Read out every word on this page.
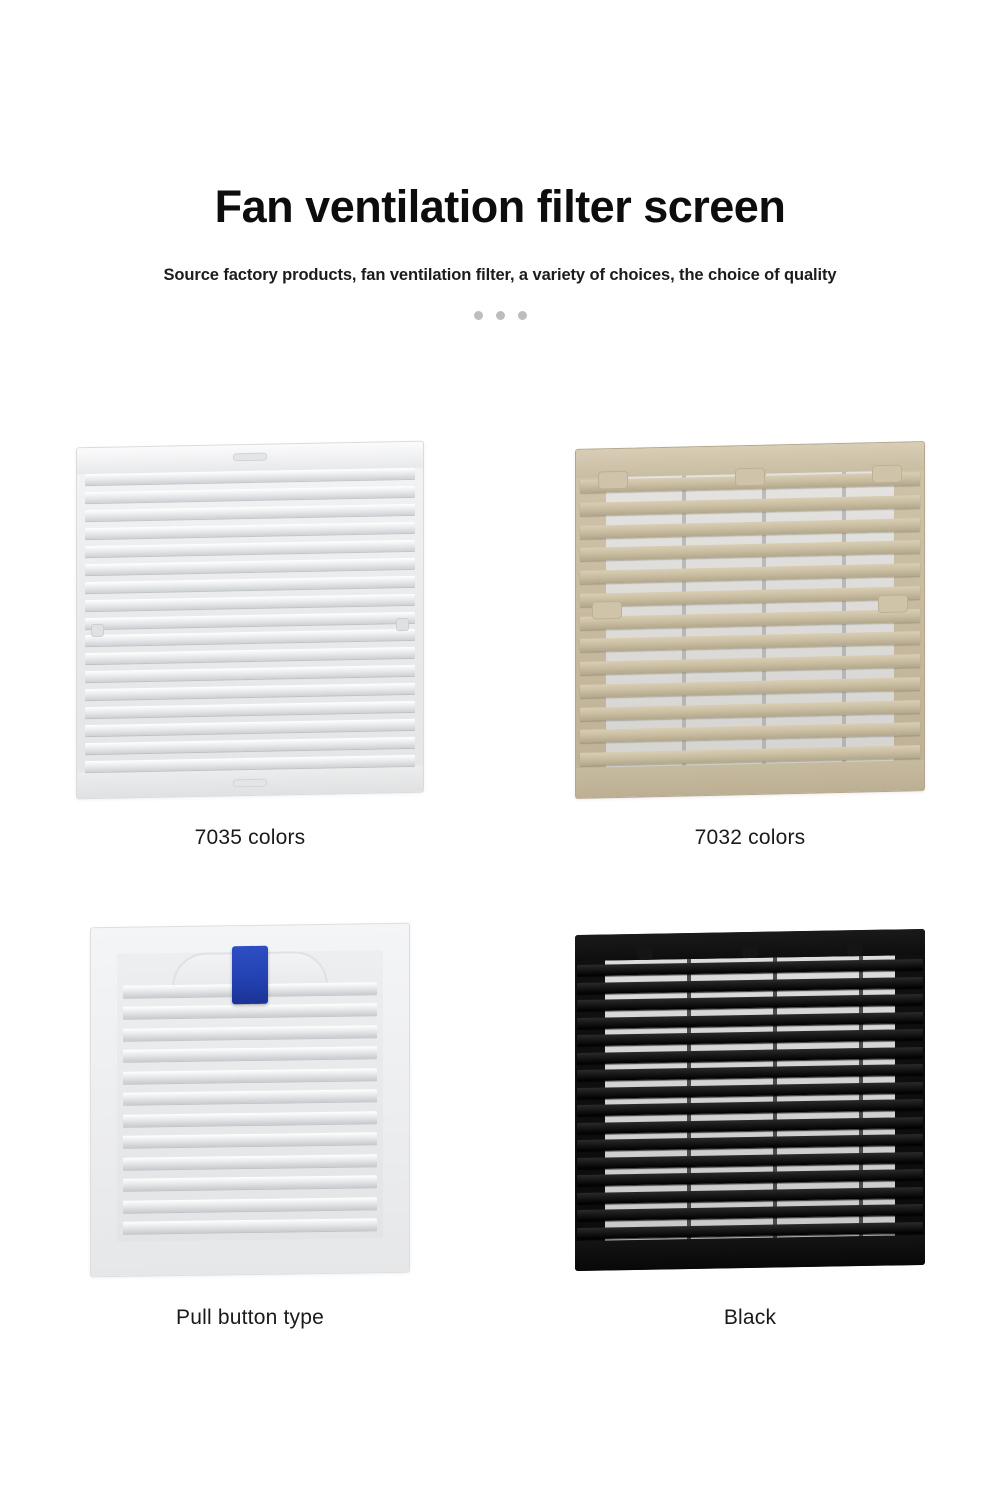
Fan ventilation filter screen

Source factory products, fan ventilation filter, a variety of choices, the choice of quality

7035 colors	7032 colors
Pull button type	Black
